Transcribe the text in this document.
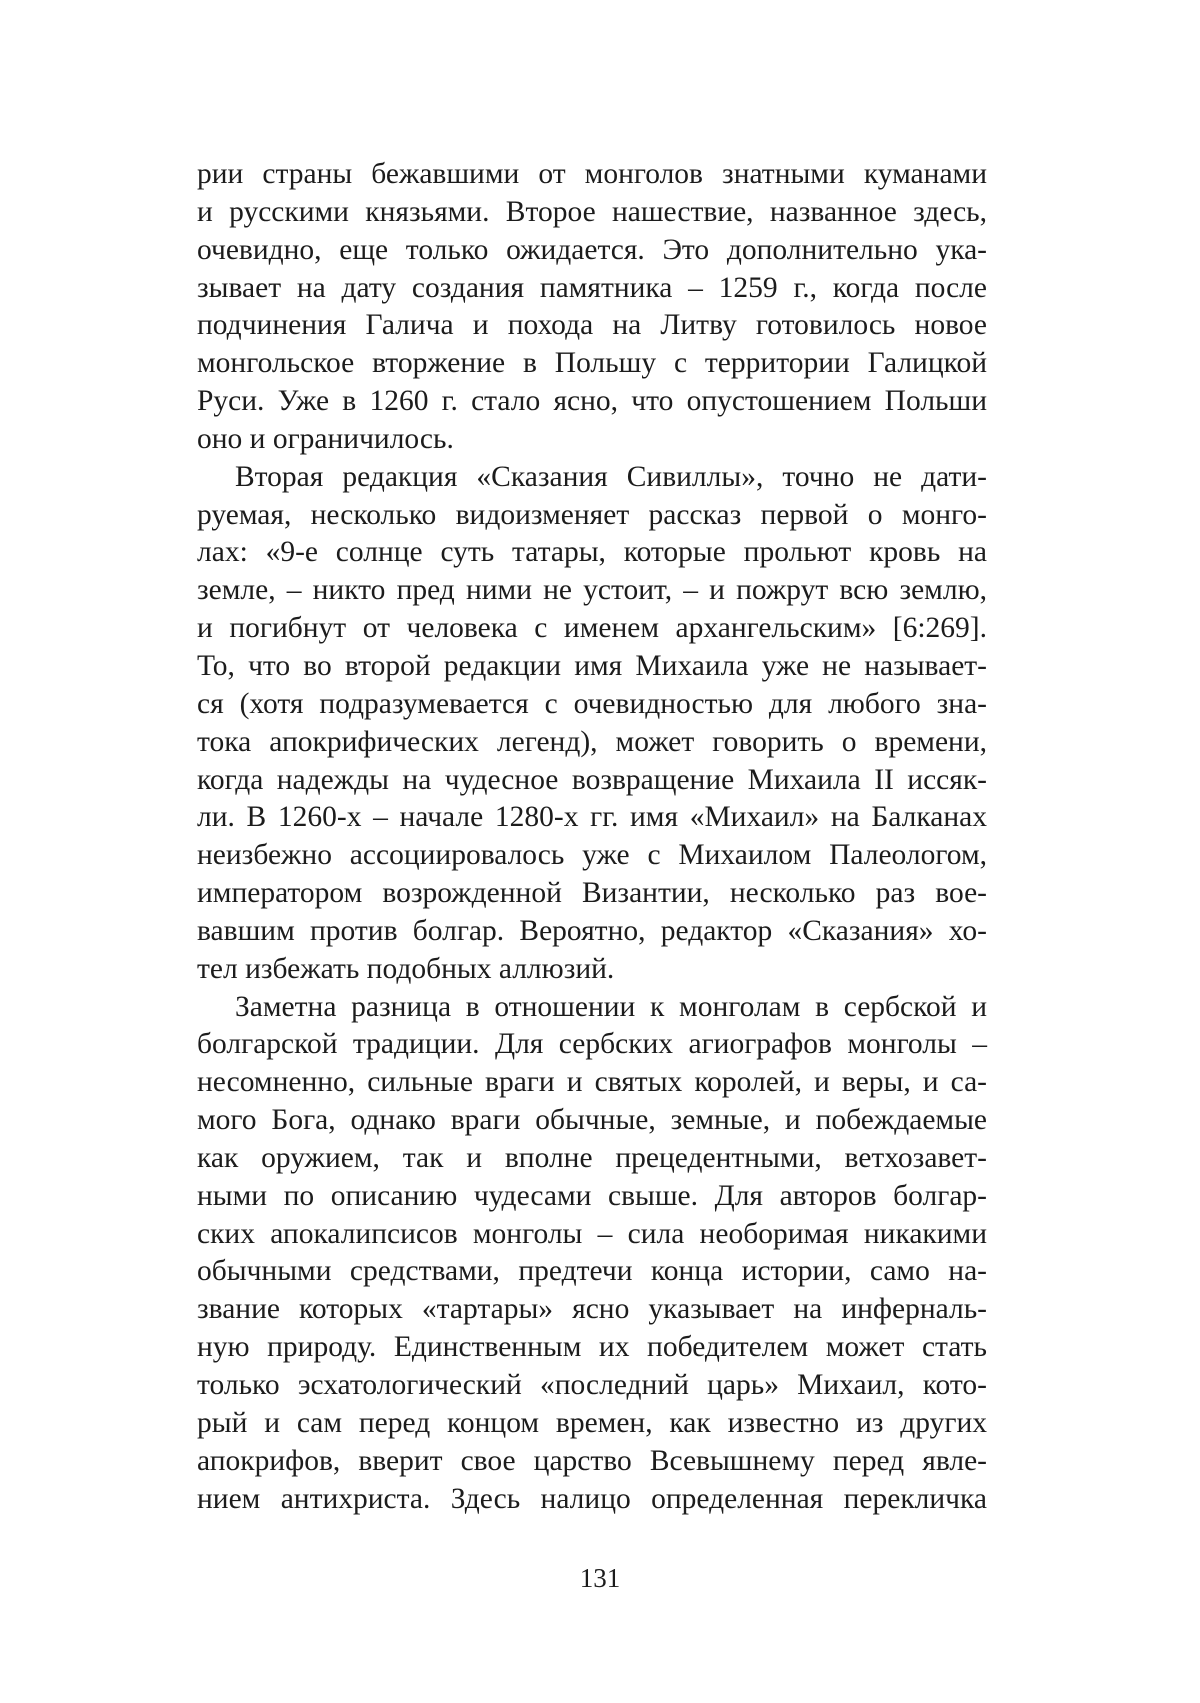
рии страны бежавшими от монголов знатными куманами
и русскими князьями. Второе нашествие, названное здесь,
очевидно, еще только ожидается. Это дополнительно ука-
зывает на дату создания памятника – 1259 г., когда после
подчинения Галича и похода на Литву готовилось новое
монгольское вторжение в Польшу с территории Галицкой
Руси. Уже в 1260 г. стало ясно, что опустошением Польши
оно и ограничилось.
Вторая редакция «Сказания Сивиллы», точно не дати-
руемая, несколько видоизменяет рассказ первой о монго-
лах: «9-е солнце суть татары, которые прольют кровь на
земле, – никто пред ними не устоит, – и пожрут всю землю,
и погибнут от человека с именем архангельским» [6:269].
То, что во второй редакции имя Михаила уже не называет-
ся (хотя подразумевается с очевидностью для любого зна-
тока апокрифических легенд), может говорить о времени,
когда надежды на чудесное возвращение Михаила II иссяк-
ли. В 1260-х – начале 1280-х гг. имя «Михаил» на Балканах
неизбежно ассоциировалось уже с Михаилом Палеологом,
императором возрожденной Византии, несколько раз вое-
вавшим против болгар. Вероятно, редактор «Сказания» хо-
тел избежать подобных аллюзий.
Заметна разница в отношении к монголам в сербской и
болгарской традиции. Для сербских агиографов монголы –
несомненно, сильные враги и святых королей, и веры, и са-
мого Бога, однако враги обычные, земные, и побеждаемые
как оружием, так и вполне прецедентными, ветхозавет-
ными по описанию чудесами свыше. Для авторов болгар-
ских апокалипсисов монголы – сила необоримая никакими
обычными средствами, предтечи конца истории, само на-
звание которых «тартары» ясно указывает на инферналь-
ную природу. Единственным их победителем может стать
только эсхатологический «последний царь» Михаил, кото-
рый и сам перед концом времен, как известно из других
апокрифов, вверит свое царство Всевышнему перед явле-
нием антихриста. Здесь налицо определенная перекличка
131
